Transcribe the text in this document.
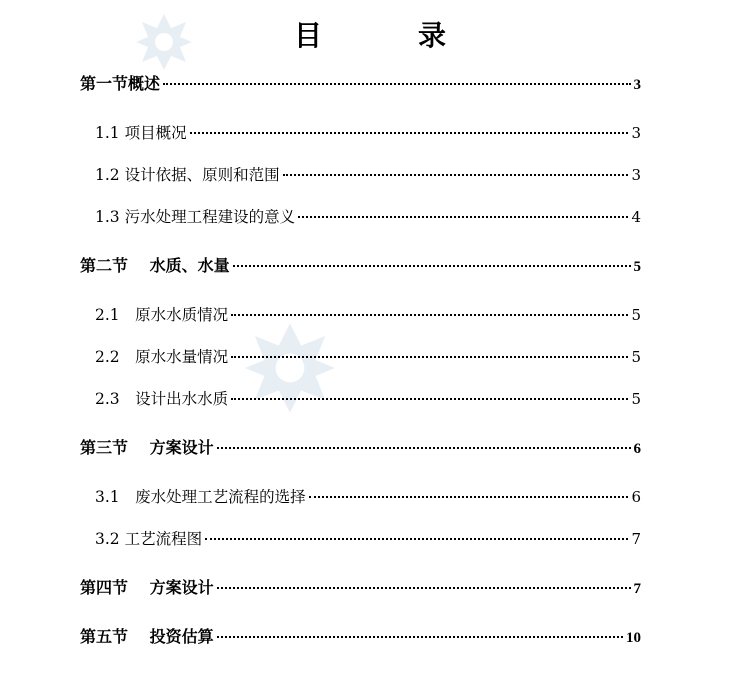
目　录
第一节概述	3
1.1 项目概况	3
1.2 设计依据、原则和范围	3
1.3 污水处理工程建设的意义	4
第二节　 水质、水量	5
2.1　原水水质情况	5
2.2　原水水量情况	5
2.3　设计出水水质	5
第三节　 方案设计	6
3.1　废水处理工艺流程的选择	6
3.2 工艺流程图	7
第四节　 方案设计	7
第五节　 投资估算	10
